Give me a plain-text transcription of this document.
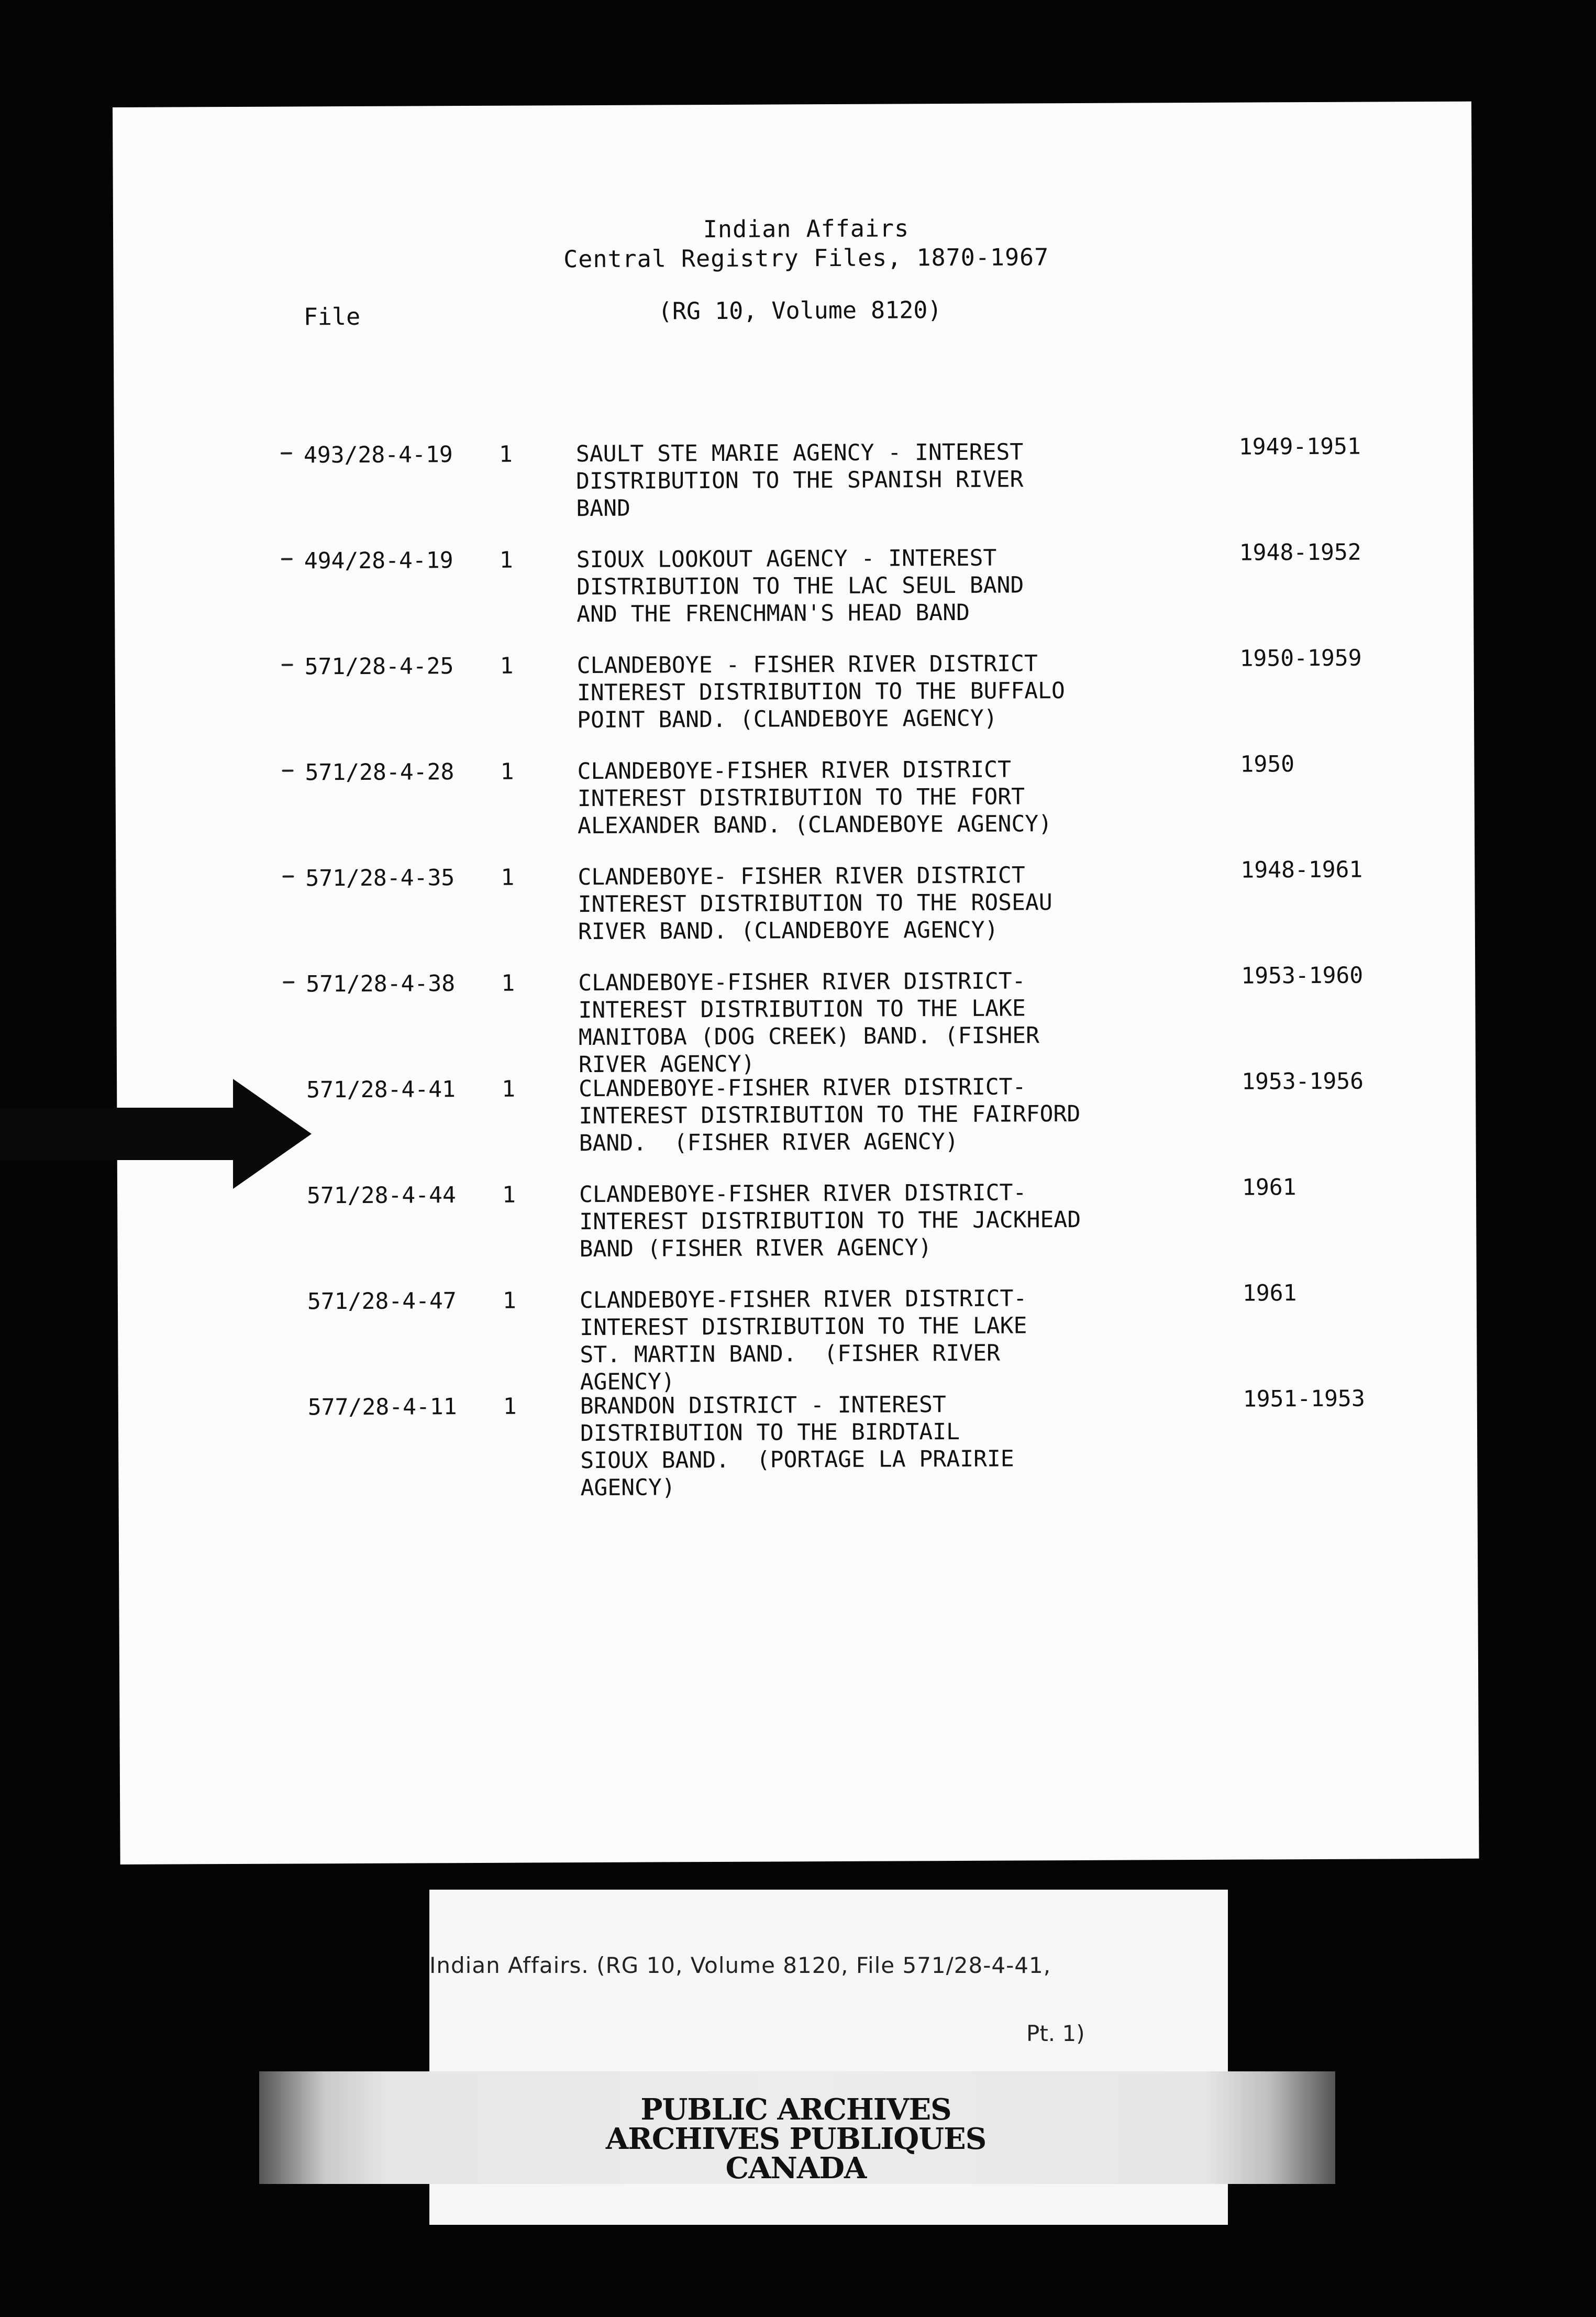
Indian Affairs
Central Registry Files, 1870-1967
File	(RG 10, Volume 8120)
493/28-4-19 1	SAULT STE MARIE AGENCY - INTEREST
DISTRIBUTION TO THE SPANISH RIVER
BAND
1949-1951
494/28-4-19 1	SIOUX LOOKOUT AGENCY - INTEREST
DISTRIBUTION TO THE LAC SEUL BAND
AND THE FRENCHMAN'S HEAD BAND
1948-1952
571/28-4-25 1	CLANDEBOYE - FISHER RIVER DISTRICT
INTEREST DISTRIBUTION TO THE BUFFALO
POINT BAND. (CLANDEBOYE AGENCY)
1950-1959
571/28-4-28 1	CLANDEBOYE-FISHER RIVER DISTRICT
INTEREST DISTRIBUTION TO THE FORT
ALEXANDER BAND. (CLANDEBOYE AGENCY)
1950
571/28-4-35 1	CLANDEBOYE- FISHER RIVER DISTRICT
INTEREST DISTRIBUTION TO THE ROSEAU
RIVER BAND. (CLANDEBOYE AGENCY)
1948-1961
571/28-4-38 1	CLANDEBOYE-FISHER RIVER DISTRICT-
INTEREST DISTRIBUTION TO THE LAKE
MANITOBA (DOG CREEK) BAND. (FISHER
RIVER AGENCY)
1953-1960
571/28-4-41 1	CLANDEBOYE-FISHER RIVER DISTRICT-
INTEREST DISTRIBUTION TO THE FAIRFORD
BAND.  (FISHER RIVER AGENCY)
1953-1956
571/28-4-44 1	CLANDEBOYE-FISHER RIVER DISTRICT-
INTEREST DISTRIBUTION TO THE JACKHEAD
BAND (FISHER RIVER AGENCY)
1961
571/28-4-47 1	CLANDEBOYE-FISHER RIVER DISTRICT-
INTEREST DISTRIBUTION TO THE LAKE
ST. MARTIN BAND.  (FISHER RIVER
AGENCY)
1961
577/28-4-11 1	BRANDON DISTRICT - INTEREST
DISTRIBUTION TO THE BIRDTAIL
SIOUX BAND.  (PORTAGE LA PRAIRIE
AGENCY)
1951-1953
Indian Affairs. (RG 10, Volume 8120, File 571/28-4-41,
Pt. 1)
PUBLIC ARCHIVES
ARCHIVES PUBLIQUES
CANADA
